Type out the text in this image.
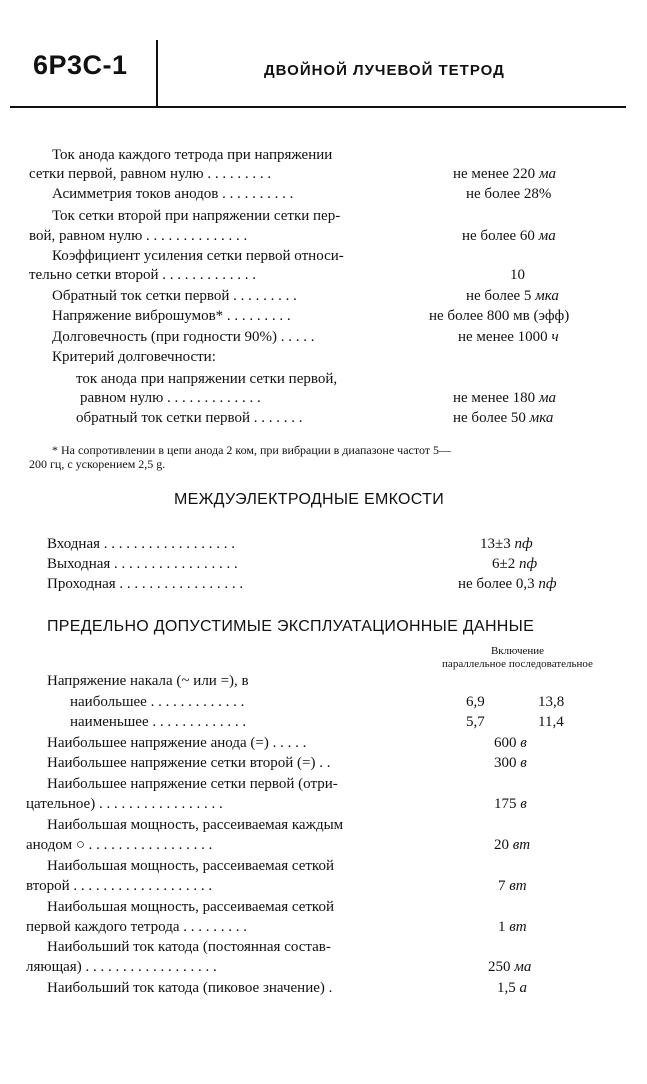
6Р3С-1	ДВОЙНОЙ ЛУЧЕВОЙ ТЕТРОД
Ток анода каждого тетрода при напряжении
сетки первой, равном нулю . . . . . . . . .	не менее 220 ма
Асимметрия токов анодов . . . . . . . . . .	не более 28%
Ток сетки второй при напряжении сетки пер-
вой, равном нулю . . . . . . . . . . . . . .	не более 60 ма
Коэффициент усиления сетки первой относи-
тельно сетки второй . . . . . . . . . . . . .	10
Обратный ток сетки первой . . . . . . . . .	не более 5 мка
Напряжение виброшумов* . . . . . . . . .	не более 800 мв (эфф)
Долговечность (при годности 90%) . . . . .	не менее 1000 ч
Критерий долговечности:
ток анода при напряжении сетки первой,
равном нулю . . . . . . . . . . . . .	не менее 180 ма
обратный ток сетки первой . . . . . . .	не более 50 мка
* На сопротивлении в цепи анода 2 ком, при вибрации в диапазоне частот 5—
200 гц, с ускорением 2,5 g.
МЕЖДУЭЛЕКТРОДНЫЕ ЕМКОСТИ
Входная . . . . . . . . . . . . . . . . . .	13±3 пф
Выходная . . . . . . . . . . . . . . . . .	6±2 пф
Проходная . . . . . . . . . . . . . . . . .	не более 0,3 пф
ПРЕДЕЛЬНО ДОПУСТИМЫЕ ЭКСПЛУАТАЦИОННЫЕ ДАННЫЕ
Включение
параллельное последовательное
Напряжение накала (~ или =), в
наибольшее . . . . . . . . . . . . .	6,9	13,8
наименьшее . . . . . . . . . . . . .	5,7	11,4
Наибольшее напряжение анода (=) . . . . .	600 в
Наибольшее напряжение сетки второй (=) . .	300 в
Наибольшее напряжение сетки первой (отри-
цательное) . . . . . . . . . . . . . . . . .	175 в
Наибольшая мощность, рассеиваемая каждым
анодом ○ . . . . . . . . . . . . . . . . .	20 вт
Наибольшая мощность, рассеиваемая сеткой
второй . . . . . . . . . . . . . . . . . . .	7 вт
Наибольшая мощность, рассеиваемая сеткой
первой каждого тетрода . . . . . . . . .	1 вт
Наибольший ток катода (постоянная состав-
ляющая) . . . . . . . . . . . . . . . . . .	250 ма
Наибольший ток катода (пиковое значение) .	1,5 а
